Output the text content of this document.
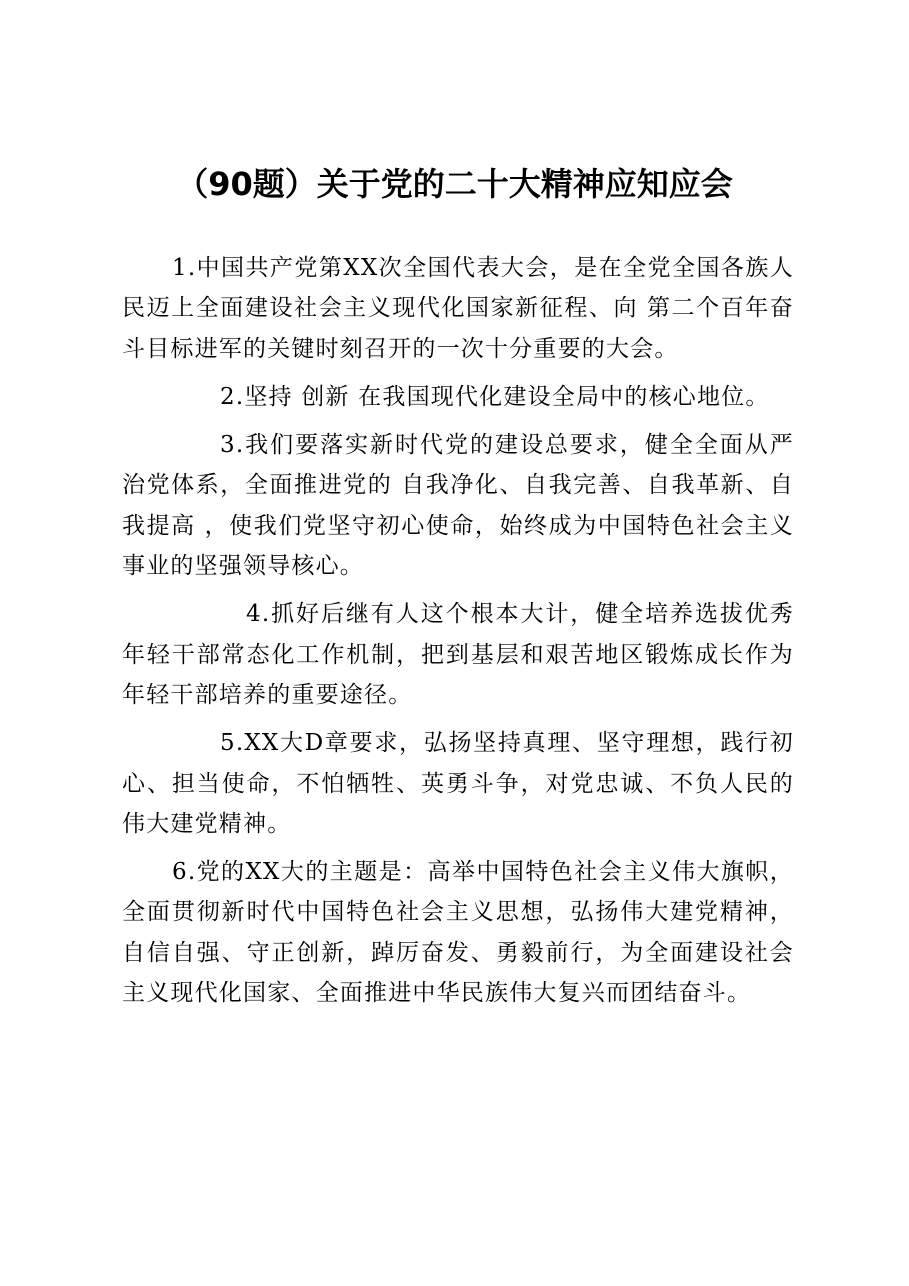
（90题）关于党的二十大精神应知应会

1.中国共产党第XX次全国代表大会，是在全党全国各族人民迈上全面建设社会主义现代化国家新征程、向 第二个百年奋斗目标进军的关键时刻召开的一次十分重要的大会。

2.坚持 创新 在我国现代化建设全局中的核心地位。

3.我们要落实新时代党的建设总要求，健全全面从严治党体系，全面推进党的 自我净化、自我完善、自我革新、自我提高 ，使我们党坚守初心使命，始终成为中国特色社会主义事业的坚强领导核心。

4.抓好后继有人这个根本大计，健全培养选拔优秀年轻干部常态化工作机制，把到基层和艰苦地区锻炼成长作为年轻干部培养的重要途径。

5.XX大D章要求，弘扬坚持真理、坚守理想，践行初心、担当使命，不怕牺牲、英勇斗争，对党忠诚、不负人民的伟大建党精神。

6.党的XX大的主题是：高举中国特色社会主义伟大旗帜，全面贯彻新时代中国特色社会主义思想，弘扬伟大建党精神，自信自强、守正创新，踔厉奋发、勇毅前行，为全面建设社会主义现代化国家、全面推进中华民族伟大复兴而团结奋斗。
